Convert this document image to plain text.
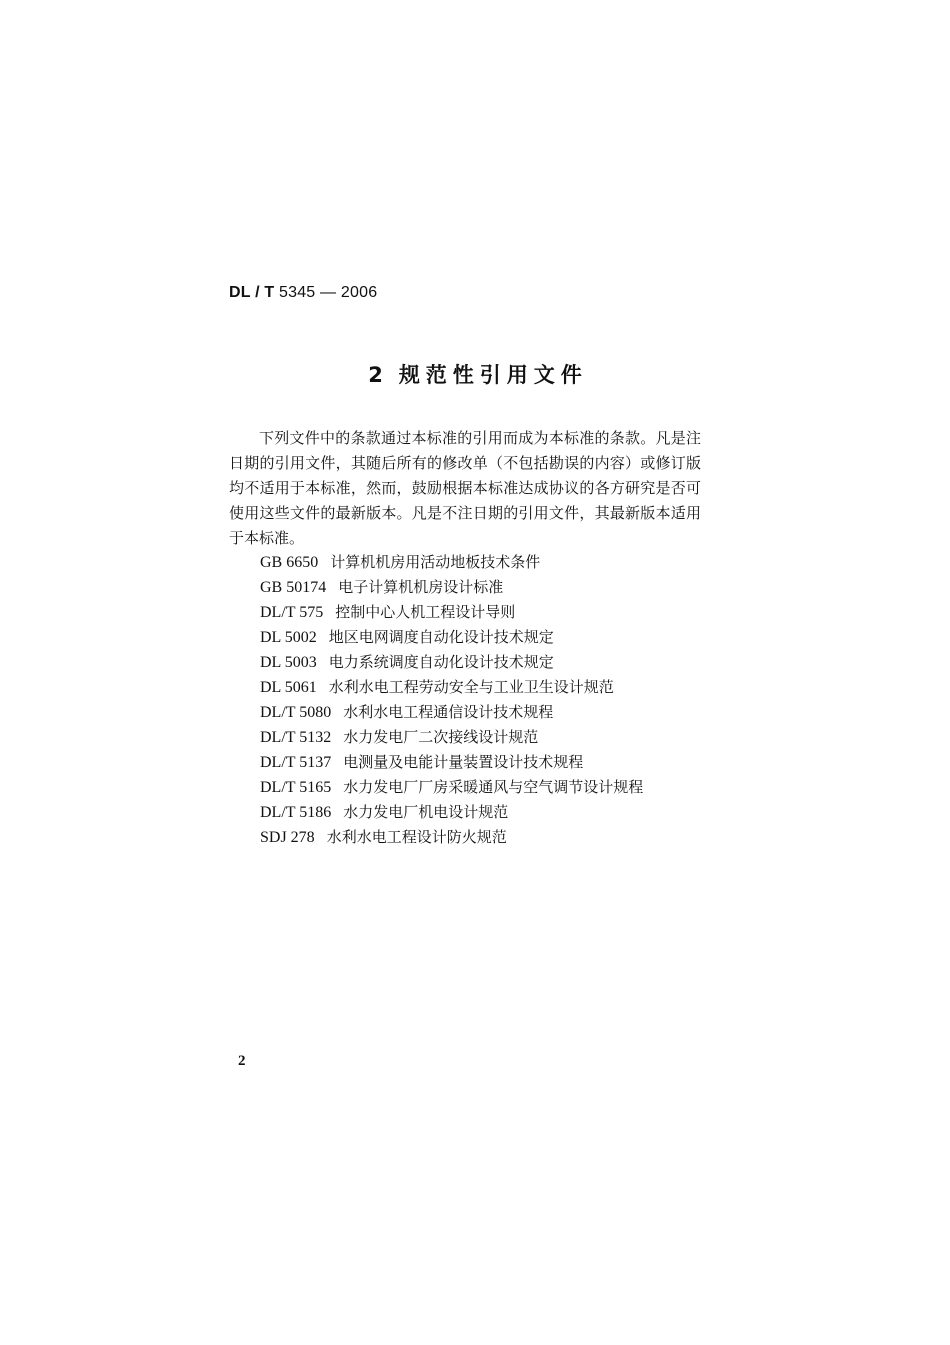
DL / T 5345 — 2006
2 规范性引用文件

下列文件中的条款通过本标准的引用而成为本标准的条款。凡是注日期的引用文件，其随后所有的修改单（不包括勘误的内容）或修订版均不适用于本标准，然而，鼓励根据本标准达成协议的各方研究是否可使用这些文件的最新版本。凡是不注日期的引用文件，其最新版本适用于本标准。

GB 6650 计算机机房用活动地板技术条件
GB 50174 电子计算机机房设计标准
DL/T 575 控制中心人机工程设计导则
DL 5002 地区电网调度自动化设计技术规定
DL 5003 电力系统调度自动化设计技术规定
DL 5061 水利水电工程劳动安全与工业卫生设计规范
DL/T 5080 水利水电工程通信设计技术规程
DL/T 5132 水力发电厂二次接线设计规范
DL/T 5137 电测量及电能计量装置设计技术规程
DL/T 5165 水力发电厂厂房采暖通风与空气调节设计规程
DL/T 5186 水力发电厂机电设计规范
SDJ 278 水利水电工程设计防火规范
2
